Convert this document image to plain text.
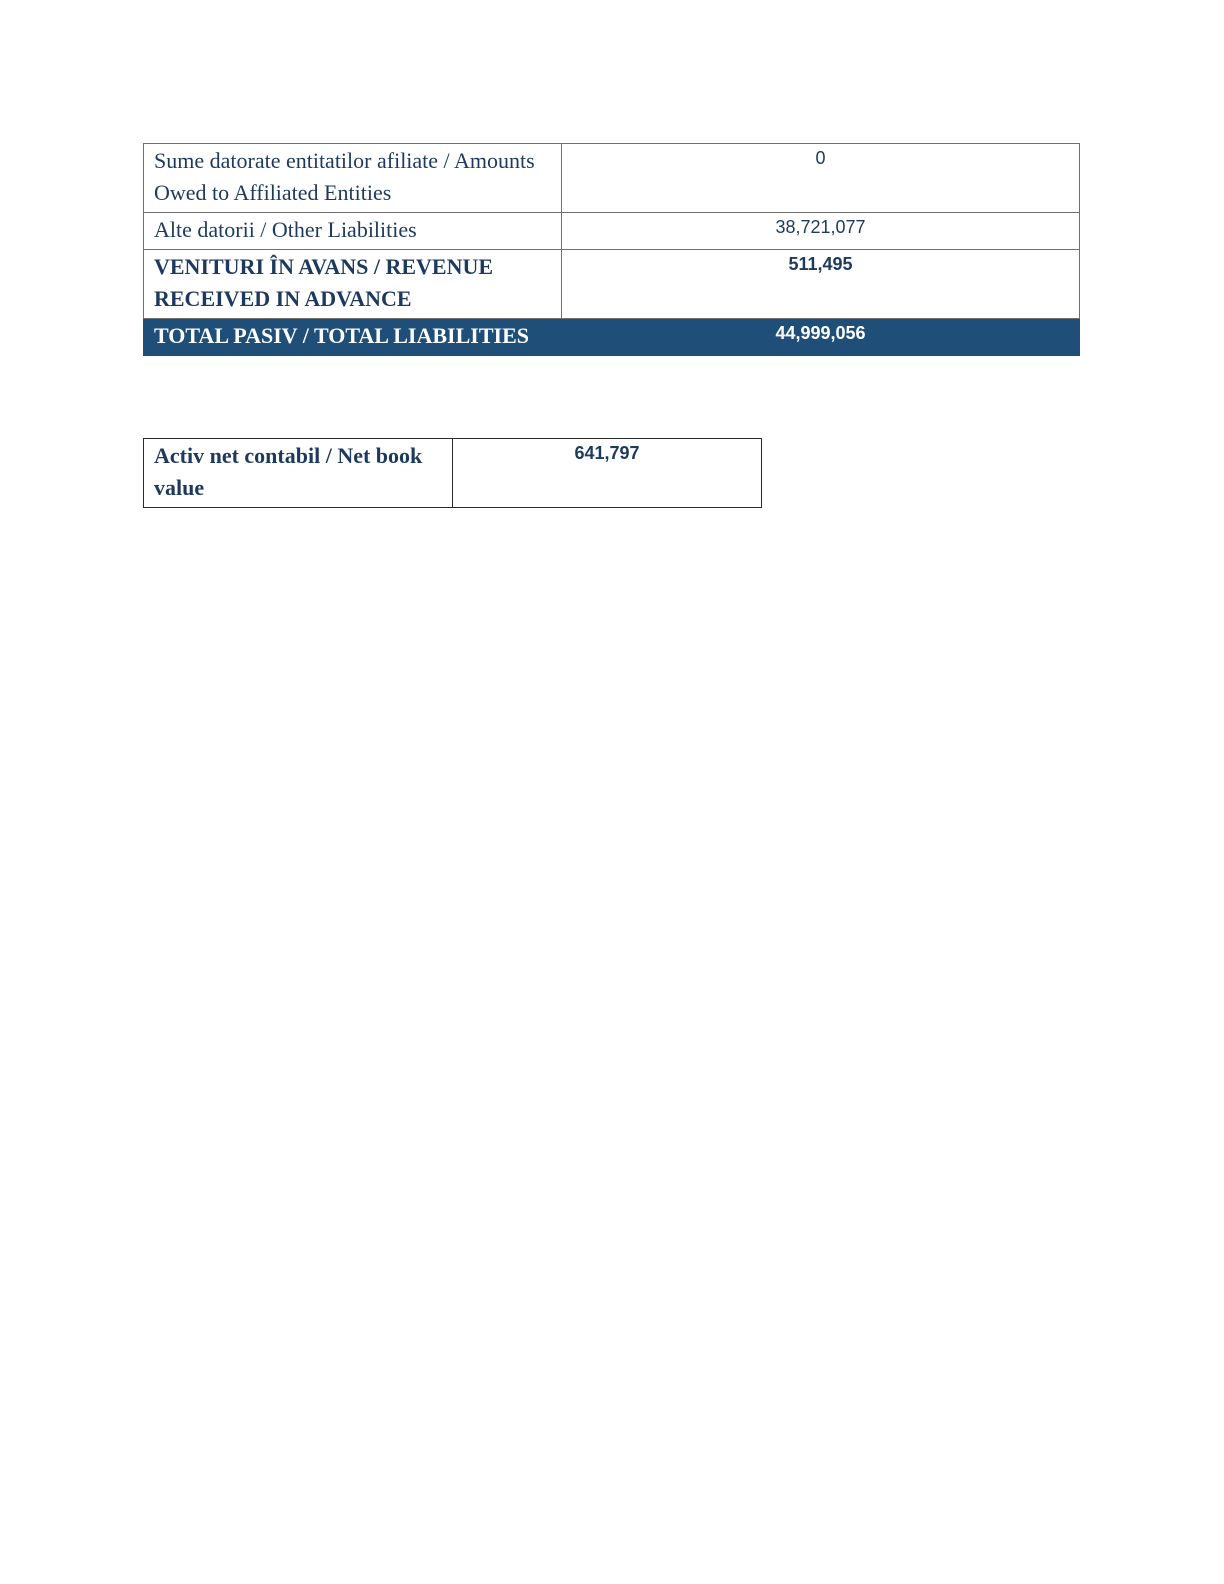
Sume datorate entitatilor afiliate / Amounts Owed to Affiliated Entities	0
Alte datorii / Other Liabilities	38,721,077
VENITURI ÎN AVANS / REVENUE RECEIVED IN ADVANCE	511,495
TOTAL PASIV / TOTAL LIABILITIES	44,999,056
Activ net contabil / Net book value	641,797
